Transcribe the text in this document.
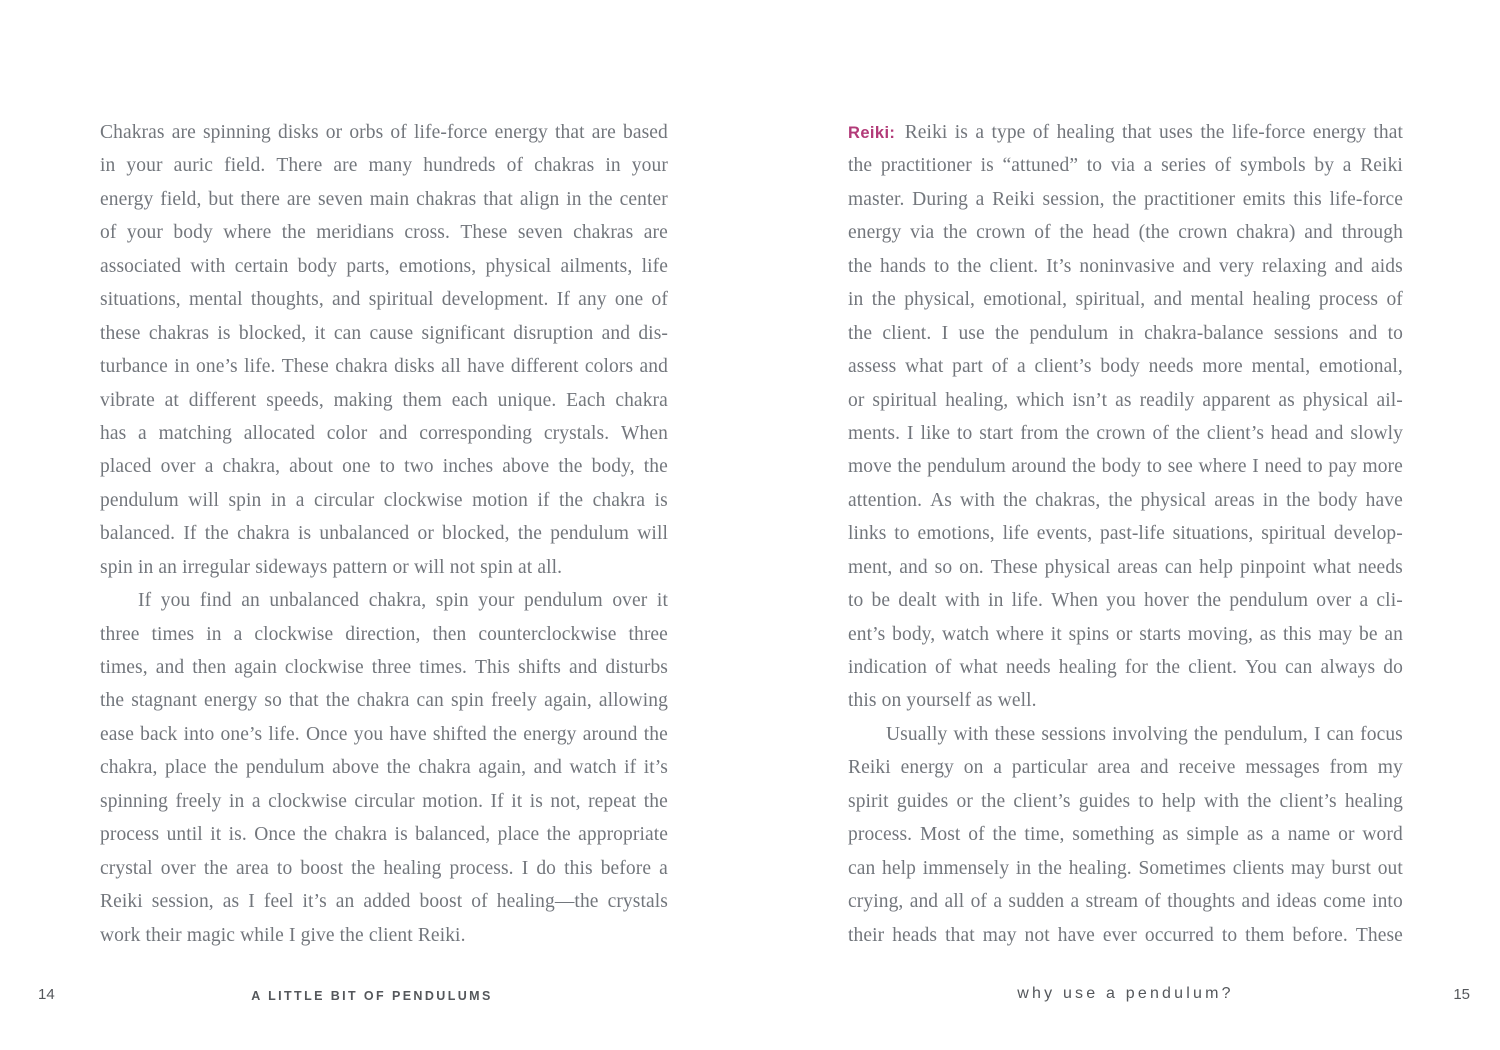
Chakras are spinning disks or orbs of life-force energy that are based
in your auric field. There are many hundreds of chakras in your
energy field, but there are seven main chakras that align in the center
of your body where the meridians cross. These seven chakras are
associated with certain body parts, emotions, physical ailments, life
situations, mental thoughts, and spiritual development. If any one of
these chakras is blocked, it can cause significant disruption and dis-
turbance in one’s life. These chakra disks all have different colors and
vibrate at different speeds, making them each unique. Each chakra
has a matching allocated color and corresponding crystals. When
placed over a chakra, about one to two inches above the body, the
pendulum will spin in a circular clockwise motion if the chakra is
balanced. If the chakra is unbalanced or blocked, the pendulum will
spin in an irregular sideways pattern or will not spin at all.
If you find an unbalanced chakra, spin your pendulum over it
three times in a clockwise direction, then counterclockwise three
times, and then again clockwise three times. This shifts and disturbs
the stagnant energy so that the chakra can spin freely again, allowing
ease back into one’s life. Once you have shifted the energy around the
chakra, place the pendulum above the chakra again, and watch if it’s
spinning freely in a clockwise circular motion. If it is not, repeat the
process until it is. Once the chakra is balanced, place the appropriate
crystal over the area to boost the healing process. I do this before a
Reiki session, as I feel it’s an added boost of healing—the crystals
work their magic while I give the client Reiki.
14	A LITTLE BIT OF PENDULUMS
Reiki: Reiki is a type of healing that uses the life-force energy that
the practitioner is “attuned” to via a series of symbols by a Reiki
master. During a Reiki session, the practitioner emits this life-force
energy via the crown of the head (the crown chakra) and through
the hands to the client. It’s noninvasive and very relaxing and aids
in the physical, emotional, spiritual, and mental healing process of
the client. I use the pendulum in chakra-balance sessions and to
assess what part of a client’s body needs more mental, emotional,
or spiritual healing, which isn’t as readily apparent as physical ail-
ments. I like to start from the crown of the client’s head and slowly
move the pendulum around the body to see where I need to pay more
attention. As with the chakras, the physical areas in the body have
links to emotions, life events, past-life situations, spiritual develop-
ment, and so on. These physical areas can help pinpoint what needs
to be dealt with in life. When you hover the pendulum over a cli-
ent’s body, watch where it spins or starts moving, as this may be an
indication of what needs healing for the client. You can always do
this on yourself as well.
Usually with these sessions involving the pendulum, I can focus
Reiki energy on a particular area and receive messages from my
spirit guides or the client’s guides to help with the client’s healing
process. Most of the time, something as simple as a name or word
can help immensely in the healing. Sometimes clients may burst out
crying, and all of a sudden a stream of thoughts and ideas come into
their heads that may not have ever occurred to them before. These
why use a pendulum?	15
